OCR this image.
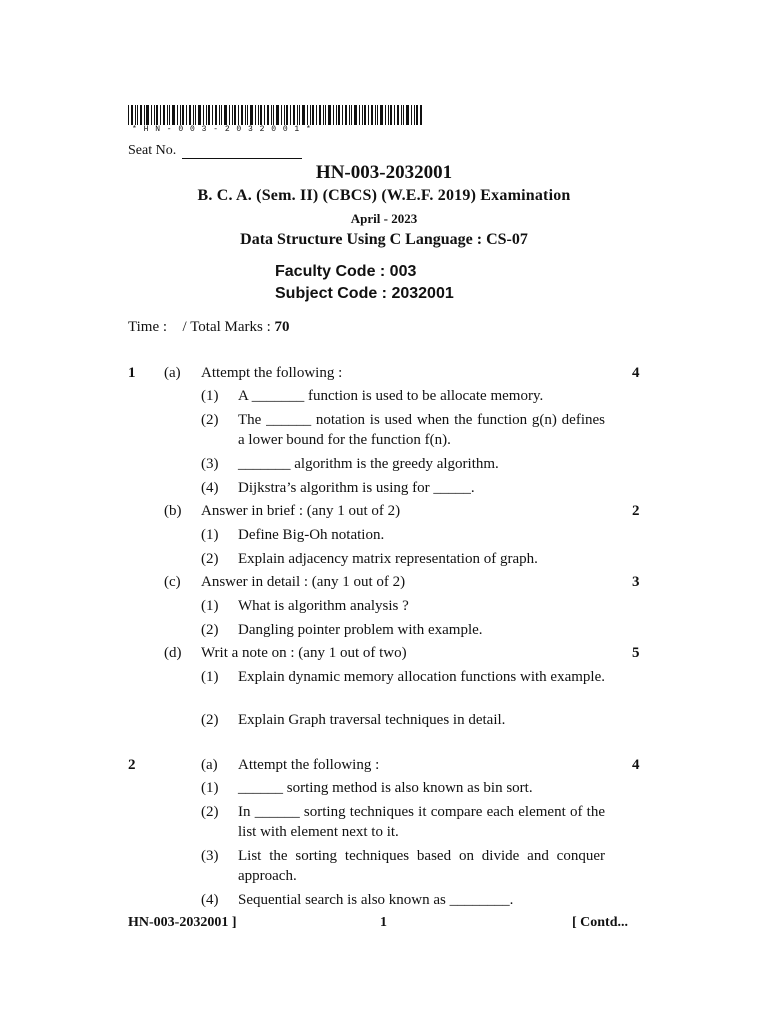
* H N - 0 0 3 - 2 0 3 2 0 0 1 *
Seat No.
HN-003-2032001
B. C. A. (Sem. II) (CBCS) (W.E.F. 2019) Examination
April - 2023
Data Structure Using C Language : CS-07
Faculty Code : 003
Subject Code : 2032001
Time : / Total Marks : 70
1 (a) Attempt the following :	4
(1) A _______ function is used to be allocate memory.
(2) The ______ notation is used when the function g(n) defines a lower bound for the function f(n).
(3) _______ algorithm is the greedy algorithm.
(4) Dijkstra’s algorithm is using for _____.
(b) Answer in brief : (any 1 out of 2)	2
(1) Define Big-Oh notation.
(2) Explain adjacency matrix representation of graph.
(c) Answer in detail : (any 1 out of 2)	3
(1) What is algorithm analysis ?
(2) Dangling pointer problem with example.
(d) Writ a note on : (any 1 out of two)	5
(1) Explain dynamic memory allocation functions with example.
(2) Explain Graph traversal techniques in detail.
2	(a) Attempt the following :	4
(1) ______ sorting method is also known as bin sort.
(2) In ______ sorting techniques it compare each element of the list with element next to it.
(3) List the sorting techniques based on divide and conquer approach.
(4) Sequential search is also known as ________.
HN-003-2032001 ]	1	[ Contd...
